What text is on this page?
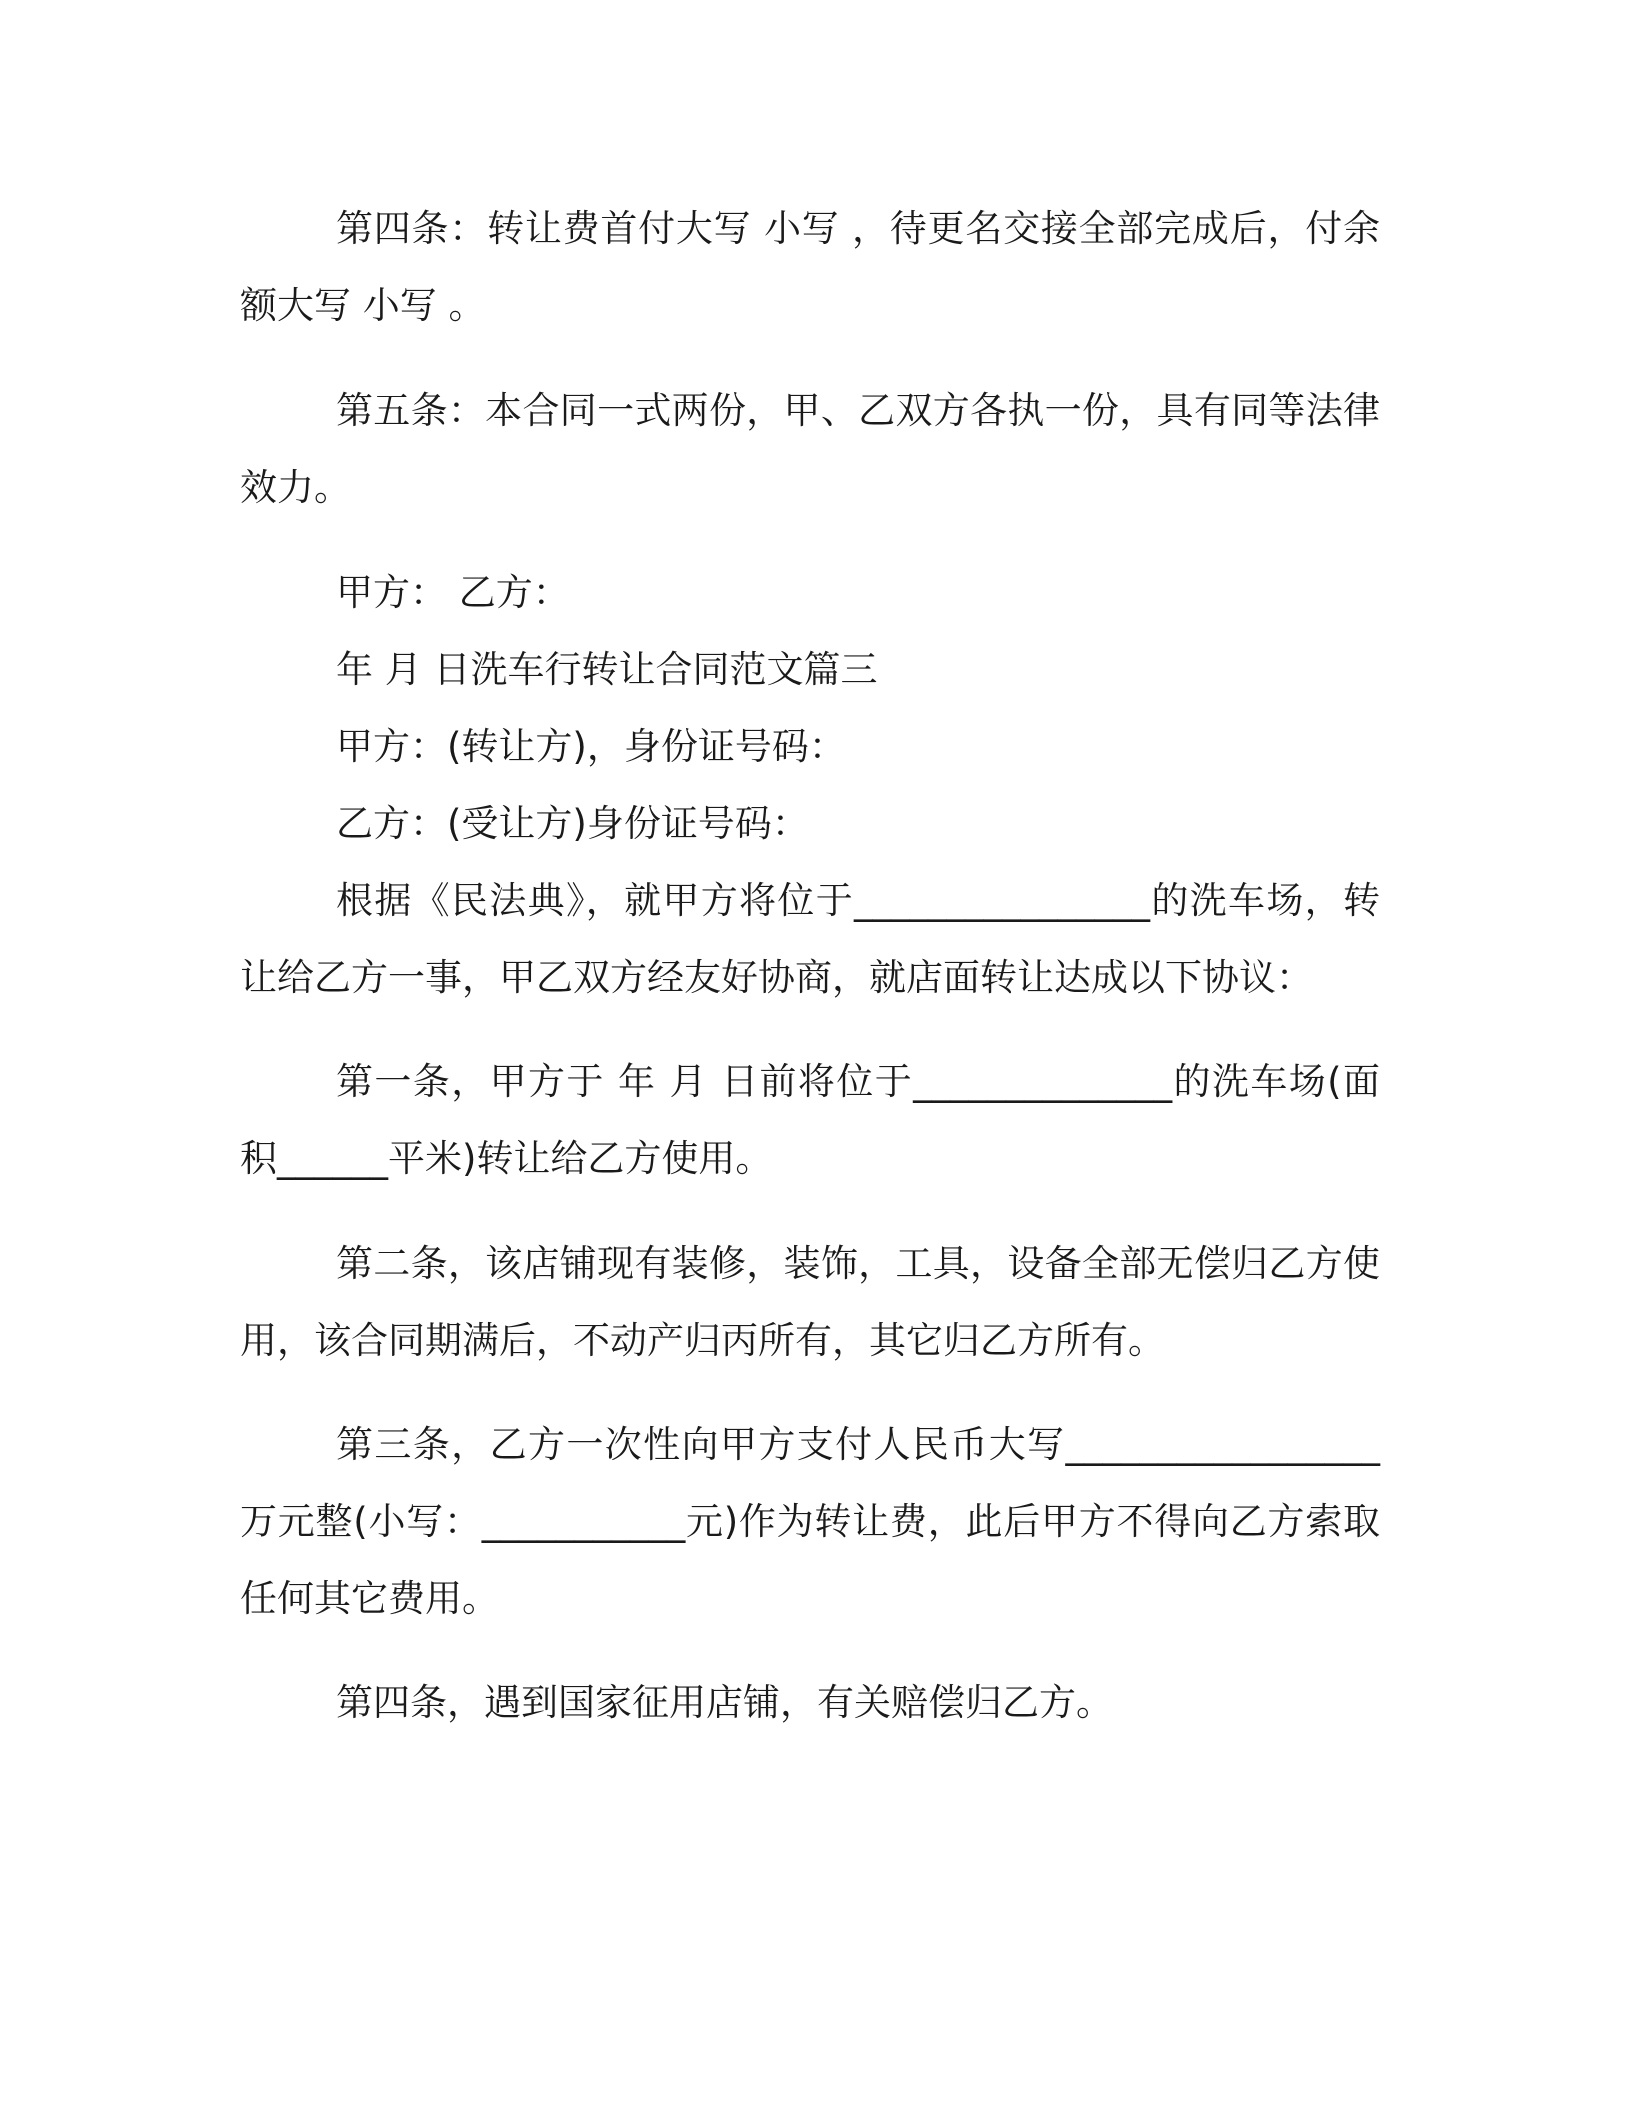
第四条：转让费首付大写 小写 ，待更名交接全部完成后，付余额大写 小写 。

第五条：本合同一式两份，甲、乙双方各执一份，具有同等法律效力。

甲方： 乙方：

年 月 日洗车行转让合同范文篇三

甲方：(转让方)，身份证号码：

乙方：(受让方)身份证号码：

根据《民法典》，就甲方将位于________________的洗车场，转让给乙方一事，甲乙双方经友好协商，就店面转让达成以下协议：

第一条，甲方于 年 月 日前将位于______________的洗车场(面积______平米)转让给乙方使用。

第二条，该店铺现有装修，装饰，工具，设备全部无偿归乙方使用，该合同期满后，不动产归丙所有，其它归乙方所有。

第三条，乙方一次性向甲方支付人民币大写_________________万元整(小写：___________元)作为转让费，此后甲方不得向乙方索取任何其它费用。

第四条，遇到国家征用店铺，有关赔偿归乙方。
